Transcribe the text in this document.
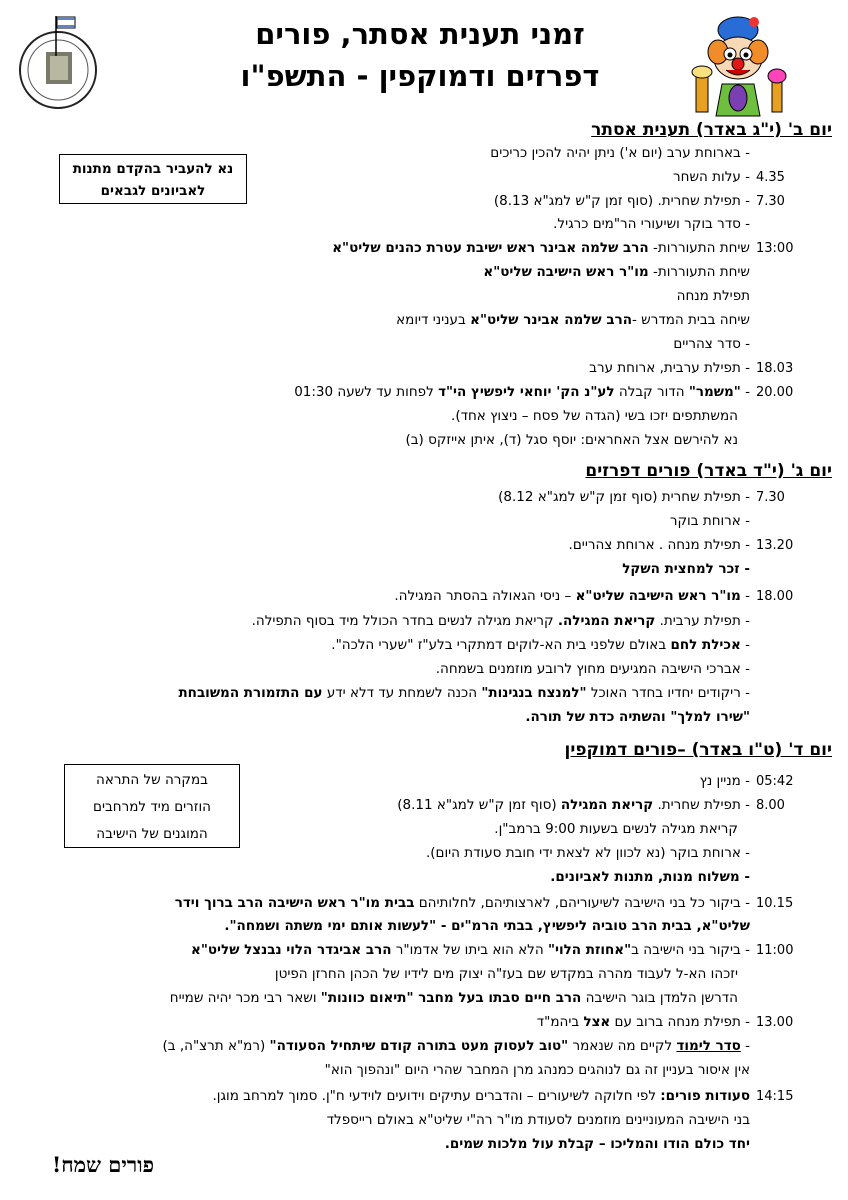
זמני תענית אסתר, פורים
דפרזים ודמוקפין - התשפ"ו
נא להעביר בהקדם מתנות
לאביונים לגבאים
במקרה של התראה
הוזרים מיד למרחבים
המוגנים של הישיבה
יום ב' (י"ג באדר) תענית אסתר
- בארוחת ערב (יום א') ניתן יהיה להכין כריכים
4.35
- עלות השחר
7.30
- תפילת שחרית. (סוף זמן ק"ש למג"א 8.13)
- סדר בוקר ושיעורי הר"מים כרגיל.
13:00
שיחת התעוררות- הרב שלמה אבינר ראש ישיבת עטרת כהנים שליט"א
שיחת התעוררות- מו"ר ראש הישיבה שליט"א
תפילת מנחה
שיחה בבית המדרש -הרב שלמה אבינר שליט"א בעניני דיומא
- סדר צהריים
18.03
- תפילת ערבית, ארוחת ערב
20.00
- "משמר" הדור קבלה לע"נ הק' יוחאי ליפשיץ הי"ד לפחות עד לשעה 01:30
המשתתפים יזכו בשי (הגדה של פסח – ניצוץ אחד).
נא להירשם אצל האחראים: יוסף סגל (ד), איתן אייזקס (ב)
יום ג' (י"ד באדר) פורים דפרזים
7.30
- תפילת שחרית (סוף זמן ק"ש למג"א 8.12)
- ארוחת בוקר
13.20
- תפילת מנחה . ארוחת צהריים.
- זכר למחצית השקל
18.00
- מו"ר ראש הישיבה שליט"א – ניסי הגאולה בהסתר המגילה.
- תפילת ערבית. קריאת המגילה. קריאת מגילה לנשים בחדר הכולל מיד בסוף התפילה.
- אכילת לחם באולם שלפני בית הא-לוקים דמתקרי בלע"ז "שערי הלכה".
- אברכי הישיבה המגיעים מחוץ לרובע מוזמנים בשמחה.
- ריקודים יחדיו בחדר האוכל "למנצח בנגינות" הכנה לשמחת עד דלא ידע עם התזמורת המשובחת
"שירו למלך" והשתיה כדת של תורה.
יום ד' (ט"ו באדר) –פורים דמוקפין
05:42
- מניין נץ
8.00
- תפילת שחרית. קריאת המגילה (סוף זמן ק"ש למג"א 8.11)
קריאת מגילה לנשים בשעות 9:00 ברמב"ן.
- ארוחת בוקר (נא לכוון לא לצאת ידי חובת סעודת היום).
- משלוח מנות, מתנות לאביונים.
10.15
- ביקור כל בני הישיבה לשיעוריהם, לארצותיהם, לחלותיהם בבית מו"ר ראש הישיבה הרב ברוך וידר
שליט"א, בבית הרב טוביה ליפשיץ, בבתי הרמ"ים - "לעשות אותם ימי משתה ושמחה".
11:00
- ביקור בני הישיבה ב"אחוזת הלוי" הלא הוא ביתו של אדמו"ר הרב אביגדר הלוי נבנצל שליט"א
יזכהו הא-ל לעבוד מהרה במקדש שם בעז"ה יצוק מים לידיו של הכהן החרזן הפיטן
הדרשן הלמדן בוגר הישיבה הרב חיים סבתו בעל מחבר "תיאום כוונות" ושאר רבי מכר יהיה שמייח
13.00
- תפילת מנחה ברוב עם אצל ביהמ"ד
- סדר לימוד לקיים מה שנאמר "טוב לעסוק מעט בתורה קודם שיתחיל הסעודה" (רמ"א תרצ"ה, ב)
אין איסור בעניין זה גם לנוהגים כמנהג מרן המחבר שהרי היום "ונהפוך הוא"
14:15
סעודות פורים: לפי חלוקה לשיעורים – והדברים עתיקים וידועים לוידעי ח"ן. סמוך למרחב מוגן.
בני הישיבה המעוניינים מוזמנים לסעודת מו"ר רה"י שליט"א באולם רייספלד
יחד כולם הודו והמליכו – קבלת עול מלכות שמים.
פורים שמח!
